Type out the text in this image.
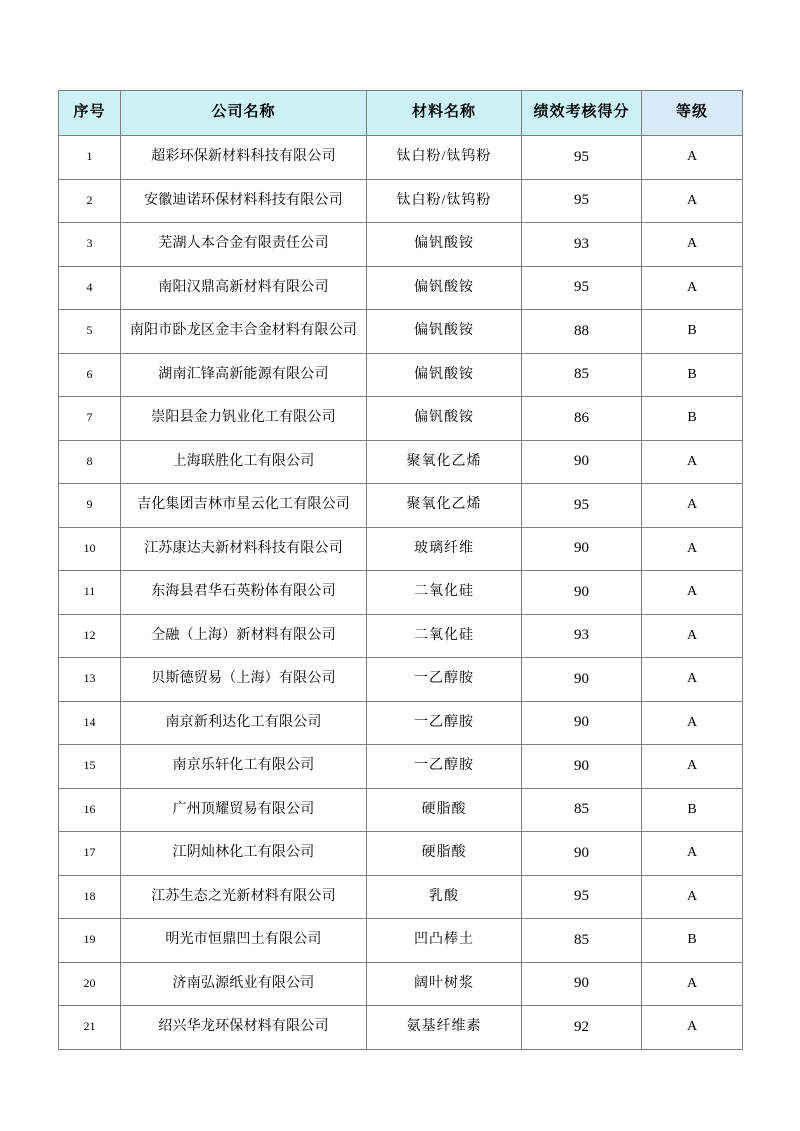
序号	公司名称	材料名称	绩效考核得分	等级
1	超彩环保新材料科技有限公司	钛白粉/钛钨粉	95	A
2	安徽迪诺环保材料科技有限公司	钛白粉/钛钨粉	95	A
3	芜湖人本合金有限责任公司	偏钒酸铵	93	A
4	南阳汉鼎高新材料有限公司	偏钒酸铵	95	A
5	南阳市卧龙区金丰合金材料有限公司	偏钒酸铵	88	B
6	湖南汇锋高新能源有限公司	偏钒酸铵	85	B
7	崇阳县金力钒业化工有限公司	偏钒酸铵	86	B
8	上海联胜化工有限公司	聚氧化乙烯	90	A
9	吉化集团吉林市星云化工有限公司	聚氧化乙烯	95	A
10	江苏康达夫新材料科技有限公司	玻璃纤维	90	A
11	东海县君华石英粉体有限公司	二氧化硅	90	A
12	仝融（上海）新材料有限公司	二氧化硅	93	A
13	贝斯德贸易（上海）有限公司	一乙醇胺	90	A
14	南京新利达化工有限公司	一乙醇胺	90	A
15	南京乐轩化工有限公司	一乙醇胺	90	A
16	广州顶耀贸易有限公司	硬脂酸	85	B
17	江阴灿林化工有限公司	硬脂酸	90	A
18	江苏生态之光新材料有限公司	乳酸	95	A
19	明光市恒鼎凹土有限公司	凹凸棒土	85	B
20	济南弘源纸业有限公司	阔叶树浆	90	A
21	绍兴华龙环保材料有限公司	氨基纤维素	92	A
